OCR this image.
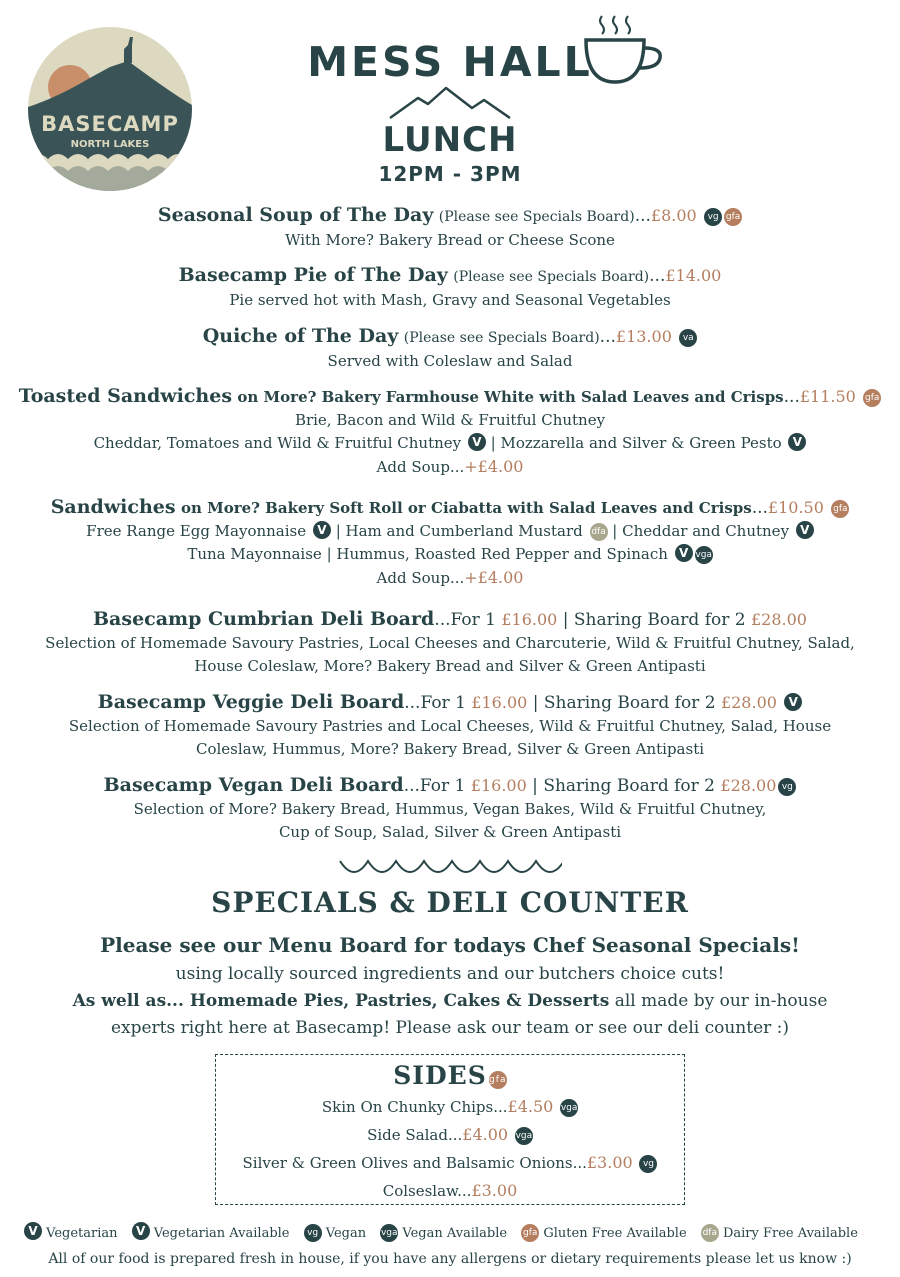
BASECAMP
NORTH LAKES
MESS HALL
LUNCH
12PM - 3PM
Seasonal Soup of The Day (Please see Specials Board)...£8.00 vg gfa
With More? Bakery Bread or Cheese Scone
Basecamp Pie of The Day (Please see Specials Board)...£14.00
Pie served hot with Mash, Gravy and Seasonal Vegetables
Quiche of The Day (Please see Specials Board)...£13.00 va
Served with Coleslaw and Salad
Toasted Sandwiches on More? Bakery Farmhouse White with Salad Leaves and Crisps...£11.50 gfa
Brie, Bacon and Wild & Fruitful Chutney
Cheddar, Tomatoes and Wild & Fruitful Chutney V | Mozzarella and Silver & Green Pesto V
Add Soup...+£4.00
Sandwiches on More? Bakery Soft Roll or Ciabatta with Salad Leaves and Crisps...£10.50 gfa
Free Range Egg Mayonnaise V | Ham and Cumberland Mustard dfa | Cheddar and Chutney V
Tuna Mayonnaise | Hummus, Roasted Red Pepper and Spinach V vga
Add Soup...+£4.00
Basecamp Cumbrian Deli Board...For 1 £16.00 | Sharing Board for 2 £28.00
Selection of Homemade Savoury Pastries, Local Cheeses and Charcuterie, Wild & Fruitful Chutney, Salad,
House Coleslaw, More? Bakery Bread and Silver & Green Antipasti
Basecamp Veggie Deli Board...For 1 £16.00 | Sharing Board for 2 £28.00 V
Selection of Homemade Savoury Pastries and Local Cheeses, Wild & Fruitful Chutney, Salad, House
Coleslaw, Hummus, More? Bakery Bread, Silver & Green Antipasti
Basecamp Vegan Deli Board...For 1 £16.00 | Sharing Board for 2 £28.00 vg
Selection of More? Bakery Bread, Hummus, Vegan Bakes, Wild & Fruitful Chutney,
Cup of Soup, Salad, Silver & Green Antipasti
SPECIALS & DELI COUNTER
Please see our Menu Board for todays Chef Seasonal Specials!
using locally sourced ingredients and our butchers choice cuts!
As well as... Homemade Pies, Pastries, Cakes & Desserts all made by our in-house
experts right here at Basecamp! Please ask our team or see our deli counter :)
SIDES gfa
Skin On Chunky Chips...£4.50 vga
Side Salad...£4.00 vga
Silver & Green Olives and Balsamic Onions...£3.00 vg
Colseslaw...£3.00
V Vegetarian V Vegetarian Available vg Vegan vga Vegan Available gfa Gluten Free Available dfa Dairy Free Available
All of our food is prepared fresh in house, if you have any allergens or dietary requirements please let us know :)
